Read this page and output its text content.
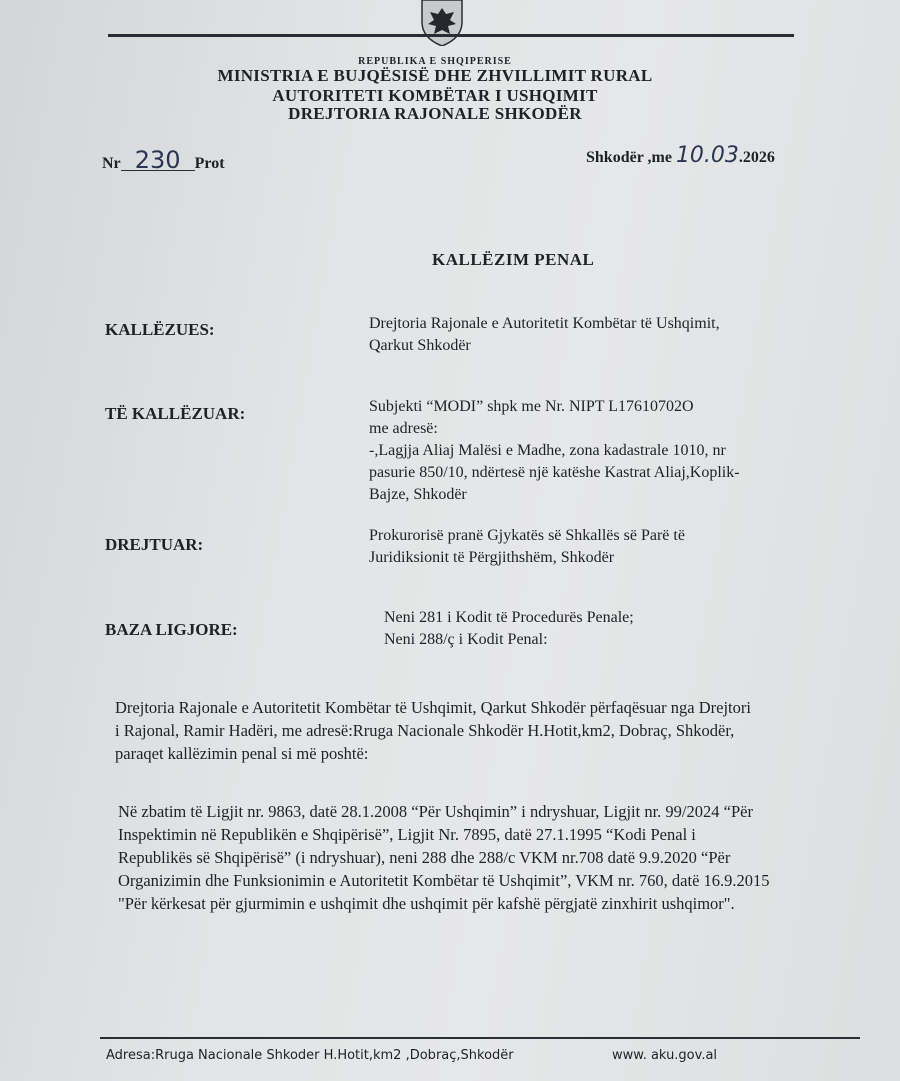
REPUBLIKA E SHQIPERISE
MINISTRIA E BUJQËSISË DHE ZHVILLIMIT RURAL
AUTORITETI KOMBËTAR I USHQIMIT
DREJTORIA RAJONALE SHKODËR
Nr 230 Prot	Shkodër ,me 10.03.2026
KALLËZIM PENAL
KALLËZUES:	Drejtoria Rajonale e Autoritetit Kombëtar të Ushqimit,

Qarkut Shkodër

TË KALLËZUAR:	Subjekti “MODI” shpk me Nr. NIPT L17610702O

me adresë:

-,Lagjja Aliaj Malësi e Madhe, zona kadastrale 1010, nr

pasurie 850/10, ndërtesë një katëshe Kastrat Aliaj,Koplik-

Bajze, Shkodër

DREJTUAR:	Prokurorisë pranë Gjykatës së Shkallës së Parë të

Juridiksionit të Përgjithshëm, Shkodër

BAZA LIGJORE:

Neni 281 i Kodit të Procedurës Penale;

Neni 288/ç i Kodit Penal:

Drejtoria Rajonale e Autoritetit Kombëtar të Ushqimit, Qarkut Shkodër përfaqësuar nga Drejtori

i Rajonal, Ramir Hadëri, me adresë:Rruga Nacionale Shkodër H.Hotit,km2, Dobraç, Shkodër,

paraqet kallëzimin penal si më poshtë:

Në zbatim të Ligjit nr. 9863, datë 28.1.2008 “Për Ushqimin” i ndryshuar, Ligjit nr. 99/2024 “Për

Inspektimin në Republikën e Shqipërisë”, Ligjit Nr. 7895, datë 27.1.1995 “Kodi Penal i

Republikës së Shqipërisë” (i ndryshuar), neni 288 dhe 288/c VKM nr.708 datë 9.9.2020 “Për

Organizimin dhe Funksionimin e Autoritetit Kombëtar të Ushqimit”, VKM nr. 760, datë 16.9.2015

"Për kërkesat për gjurmimin e ushqimit dhe ushqimit për kafshë përgjatë zinxhirit ushqimor".

Adresa:Rruga Nacionale Shkoder H.Hotit,km2 ,Dobraç,Shkodër	www. aku.gov.al
